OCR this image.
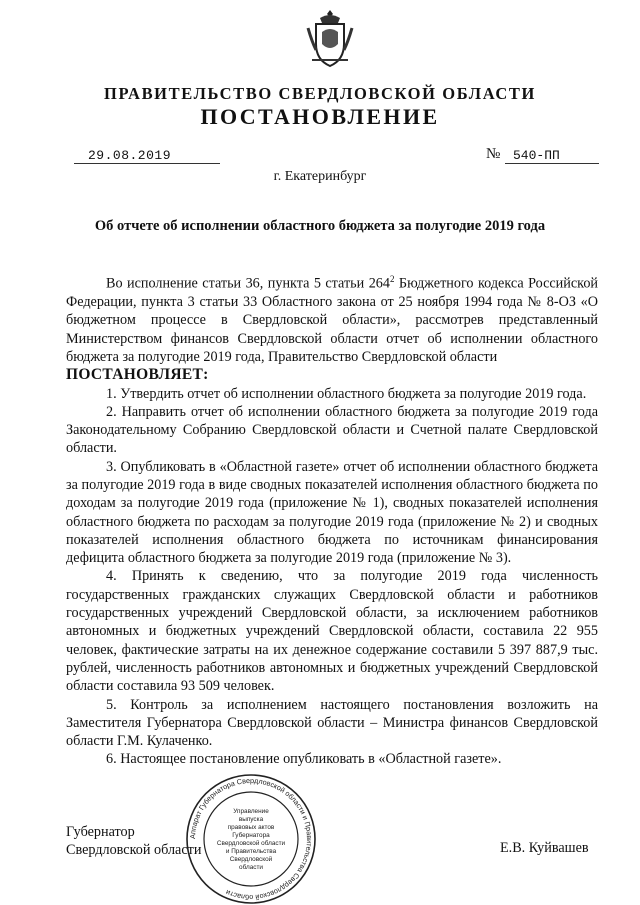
ПРАВИТЕЛЬСТВО СВЕРДЛОВСКОЙ ОБЛАСТИ
ПОСТАНОВЛЕНИЕ
29.08.2019	№ 540-ПП
г. Екатеринбург
Об отчете об исполнении областного бюджета за полугодие 2019 года

Во исполнение статьи 36, пункта 5 статьи $264^2$ Бюджетного кодекса Российской Федерации, пункта 3 статьи 33 Областного закона от 25 ноября 1994 года № 8-ОЗ «О бюджетном процессе в Свердловской области», рассмотрев представленный Министерством финансов Свердловской области отчет об исполнении областного бюджета за полугодие 2019 года, Правительство Свердловской области

ПОСТАНОВЛЯЕТ:

1. Утвердить отчет об исполнении областного бюджета за полугодие 2019 года.

2. Направить отчет об исполнении областного бюджета за полугодие 2019 года Законодательному Собранию Свердловской области и Счетной палате Свердловской области.

3. Опубликовать в «Областной газете» отчет об исполнении областного бюджета за полугодие 2019 года в виде сводных показателей исполнения областного бюджета по доходам за полугодие 2019 года (приложение № 1), сводных показателей исполнения областного бюджета по расходам за полугодие 2019 года (приложение № 2) и сводных показателей исполнения областного бюджета по источникам финансирования дефицита областного бюджета за полугодие 2019 года (приложение № 3).

4. Принять к сведению, что за полугодие 2019 года численность государственных гражданских служащих Свердловской области и работников государственных учреждений Свердловской области, за исключением работников автономных и бюджетных учреждений Свердловской области, составила 22 955 человек, фактические затраты на их денежное содержание составили 5 397 887,9 тыс. рублей, численность работников автономных и бюджетных учреждений Свердловской области составила 93 509 человек.

5. Контроль за исполнением настоящего постановления возложить на Заместителя Губернатора Свердловской области – Министра финансов Свердловской области Г.М. Кулаченко.

6. Настоящее постановление опубликовать в «Областной газете».

Губернатор
Свердловской области	Е.В. Куйвашев
Аппарат Губернатора Свердловской области и Правительства Свердловской области
Управление
выпуска
правовых актов
Губернатора
Свердловской области
и Правительства
Свердловской
области
